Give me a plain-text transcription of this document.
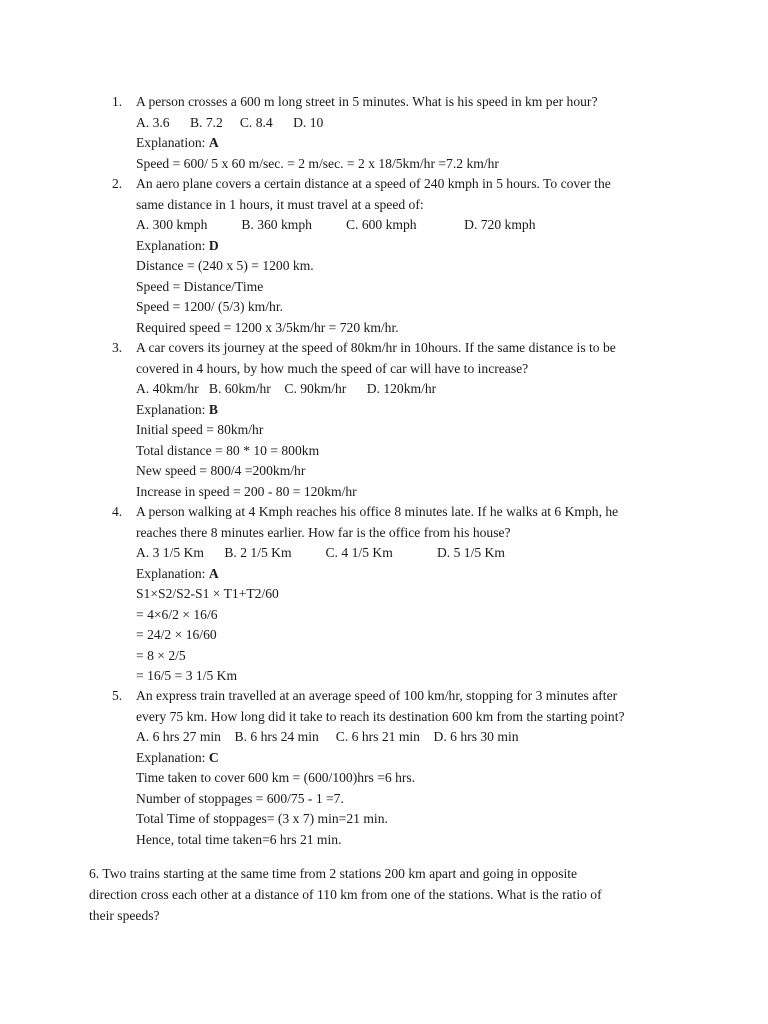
1. A person crosses a 600 m long street in 5 minutes. What is his speed in km per hour?
A. 3.6      B. 7.2     C. 8.4      D. 10
Explanation: A
Speed = 600/ 5 x 60 m/sec. = 2 m/sec. = 2 x 18/5km/hr =7.2 km/hr
2. An aero plane covers a certain distance at a speed of 240 kmph in 5 hours. To cover the
same distance in 1 hours, it must travel at a speed of:
A. 300 kmph          B. 360 kmph          C. 600 kmph              D. 720 kmph
Explanation: D
Distance = (240 x 5) = 1200 km.
Speed = Distance/Time
Speed = 1200/ (5/3) km/hr.
Required speed = 1200 x 3/5km/hr = 720 km/hr.
3. A car covers its journey at the speed of 80km/hr in 10hours. If the same distance is to be
covered in 4 hours, by how much the speed of car will have to increase?
A. 40km/hr   B. 60km/hr    C. 90km/hr      D. 120km/hr
Explanation: B
Initial speed = 80km/hr
Total distance = 80 * 10 = 800km
New speed = 800/4 =200km/hr
Increase in speed = 200 - 80 = 120km/hr
4. A person walking at 4 Kmph reaches his office 8 minutes late. If he walks at 6 Kmph, he
reaches there 8 minutes earlier. How far is the office from his house?
A. 3 1/5 Km      B. 2 1/5 Km          C. 4 1/5 Km             D. 5 1/5 Km
Explanation: A
S1×S2/S2-S1 × T1+T2/60
= 4×6/2 × 16/6
= 24/2 × 16/60
= 8 × 2/5
= 16/5 = 3 1/5 Km
5. An express train travelled at an average speed of 100 km/hr, stopping for 3 minutes after
every 75 km. How long did it take to reach its destination 600 km from the starting point?
A. 6 hrs 27 min    B. 6 hrs 24 min     C. 6 hrs 21 min    D. 6 hrs 30 min
Explanation: C
Time taken to cover 600 km = (600/100)hrs =6 hrs.
Number of stoppages = 600/75 - 1 =7.
Total Time of stoppages= (3 x 7) min=21 min.
Hence, total time taken=6 hrs 21 min.
6. Two trains starting at the same time from 2 stations 200 km apart and going in opposite
direction cross each other at a distance of 110 km from one of the stations. What is the ratio of
their speeds?
